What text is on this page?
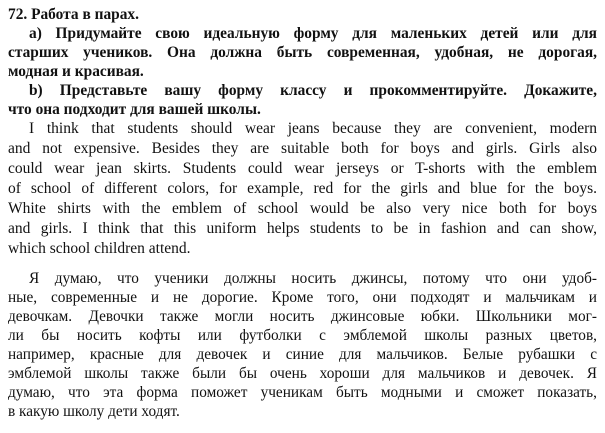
72. Работа в парах.
a) Придумайте свою идеальную форму для маленьких детей или для
старших учеников. Она должна быть современная, удобная, не дорогая,
модная и красивая.
b) Представьте вашу форму классу и прокомментируйте. Докажите,
что она подходит для вашей школы.
I think that students should wear jeans because they are convenient, modern
and not expensive. Besides they are suitable both for boys and girls. Girls also
could wear jean skirts. Students could wear jerseys or T-shorts with the emblem
of school of different colors, for example, red for the girls and blue for the boys.
White shirts with the emblem of school would be also very nice both for boys
and girls. I think that this uniform helps students to be in fashion and can show,
which school children attend.
Я думаю, что ученики должны носить джинсы, потому что они удоб-
ные, современные и не дорогие. Кроме того, они подходят и мальчикам и
девочкам. Девочки также могли носить джинсовые юбки. Школьники мог-
ли бы носить кофты или футболки с эмблемой школы разных цветов,
например, красные для девочек и синие для мальчиков. Белые рубашки с
эмблемой школы также были бы очень хороши для мальчиков и девочек. Я
думаю, что эта форма поможет ученикам быть модными и сможет показать,
в какую школу дети ходят.
